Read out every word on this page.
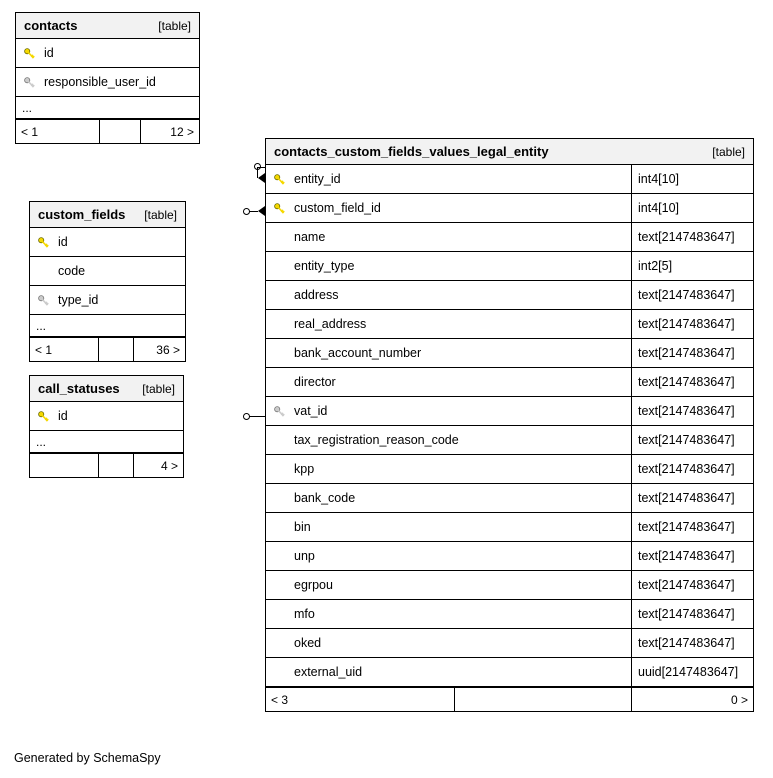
contacts	[table]
id
responsible_user_id
...
< 1	12 >
custom_fields [table]
id
code
type_id
...
< 1	36 >
call_statuses [table]
id
...
4 >
contacts_custom_fields_values_legal_entity	[table]
entity_id	int4[10]
custom_field_id	int4[10]
name	text[2147483647]
entity_type	int2[5]
address	text[2147483647]
real_address	text[2147483647]
bank_account_number	text[2147483647]
director	text[2147483647]
vat_id	text[2147483647]
tax_registration_reason_code	text[2147483647]
kpp	text[2147483647]
bank_code	text[2147483647]
bin	text[2147483647]
unp	text[2147483647]
egrpou	text[2147483647]
mfo	text[2147483647]
oked	text[2147483647]
external_uid	uuid[2147483647]
< 3	0 >
Generated by SchemaSpy
